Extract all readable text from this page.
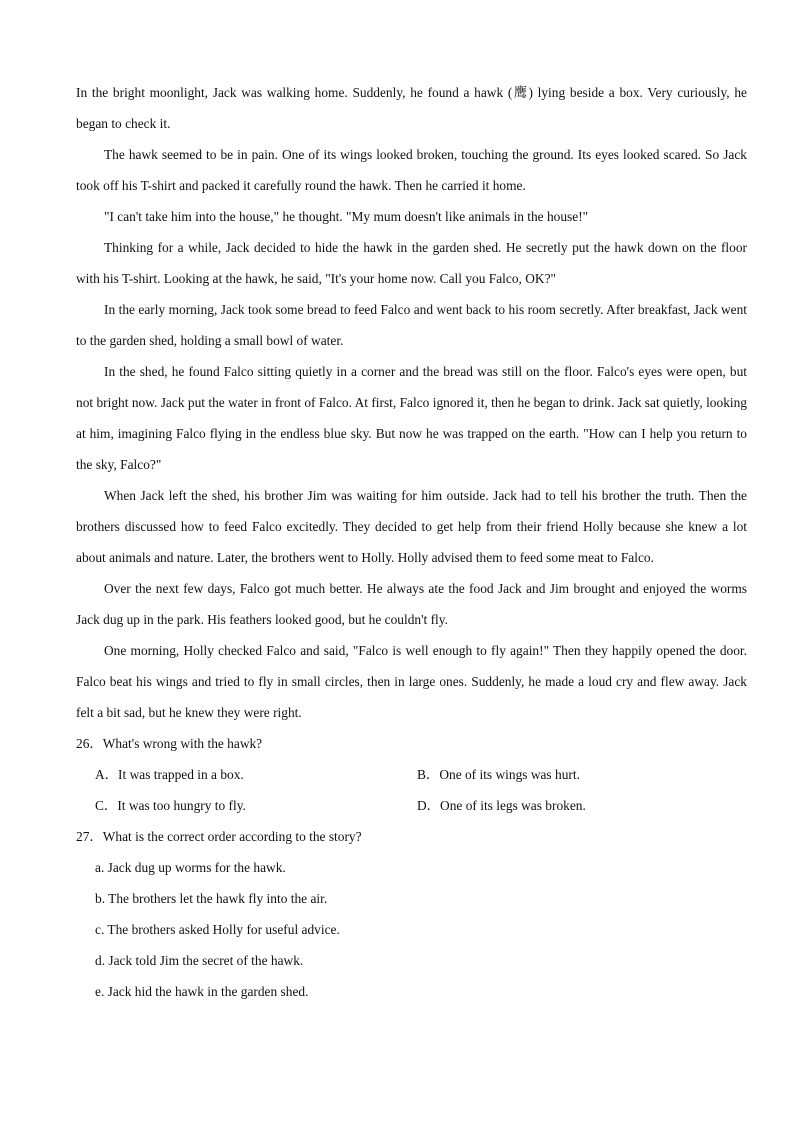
In the bright moonlight, Jack was walking home. Suddenly, he found a hawk (鹰) lying beside a box. Very curiously, he began to check it.

The hawk seemed to be in pain. One of its wings looked broken, touching the ground. Its eyes looked scared. So Jack took off his T-shirt and packed it carefully round the hawk. Then he carried it home.

"I can't take him into the house," he thought. "My mum doesn't like animals in the house!"

Thinking for a while, Jack decided to hide the hawk in the garden shed. He secretly put the hawk down on the floor with his T-shirt. Looking at the hawk, he said, "It's your home now. Call you Falco, OK?"

In the early morning, Jack took some bread to feed Falco and went back to his room secretly. After breakfast, Jack went to the garden shed, holding a small bowl of water.

In the shed, he found Falco sitting quietly in a corner and the bread was still on the floor. Falco's eyes were open, but not bright now. Jack put the water in front of Falco. At first, Falco ignored it, then he began to drink. Jack sat quietly, looking at him, imagining Falco flying in the endless blue sky. But now he was trapped on the earth. "How can I help you return to the sky, Falco?"

When Jack left the shed, his brother Jim was waiting for him outside. Jack had to tell his brother the truth. Then the brothers discussed how to feed Falco excitedly. They decided to get help from their friend Holly because she knew a lot about animals and nature. Later, the brothers went to Holly. Holly advised them to feed some meat to Falco.

Over the next few days, Falco got much better. He always ate the food Jack and Jim brought and enjoyed the worms Jack dug up in the park. His feathers looked good, but he couldn't fly.

One morning, Holly checked Falco and said, "Falco is well enough to fly again!" Then they happily opened the door. Falco beat his wings and tried to fly in small circles, then in large ones. Suddenly, he made a loud cry and flew away. Jack felt a bit sad, but he knew they were right.

26．What's wrong with the hawk?

A．It was trapped in a box.	B．One of its wings was hurt.
C．It was too hungry to fly.	D．One of its legs was broken.

27．What is the correct order according to the story?

a. Jack dug up worms for the hawk.

b. The brothers let the hawk fly into the air.

c. The brothers asked Holly for useful advice.

d. Jack told Jim the secret of the hawk.

e. Jack hid the hawk in the garden shed.
